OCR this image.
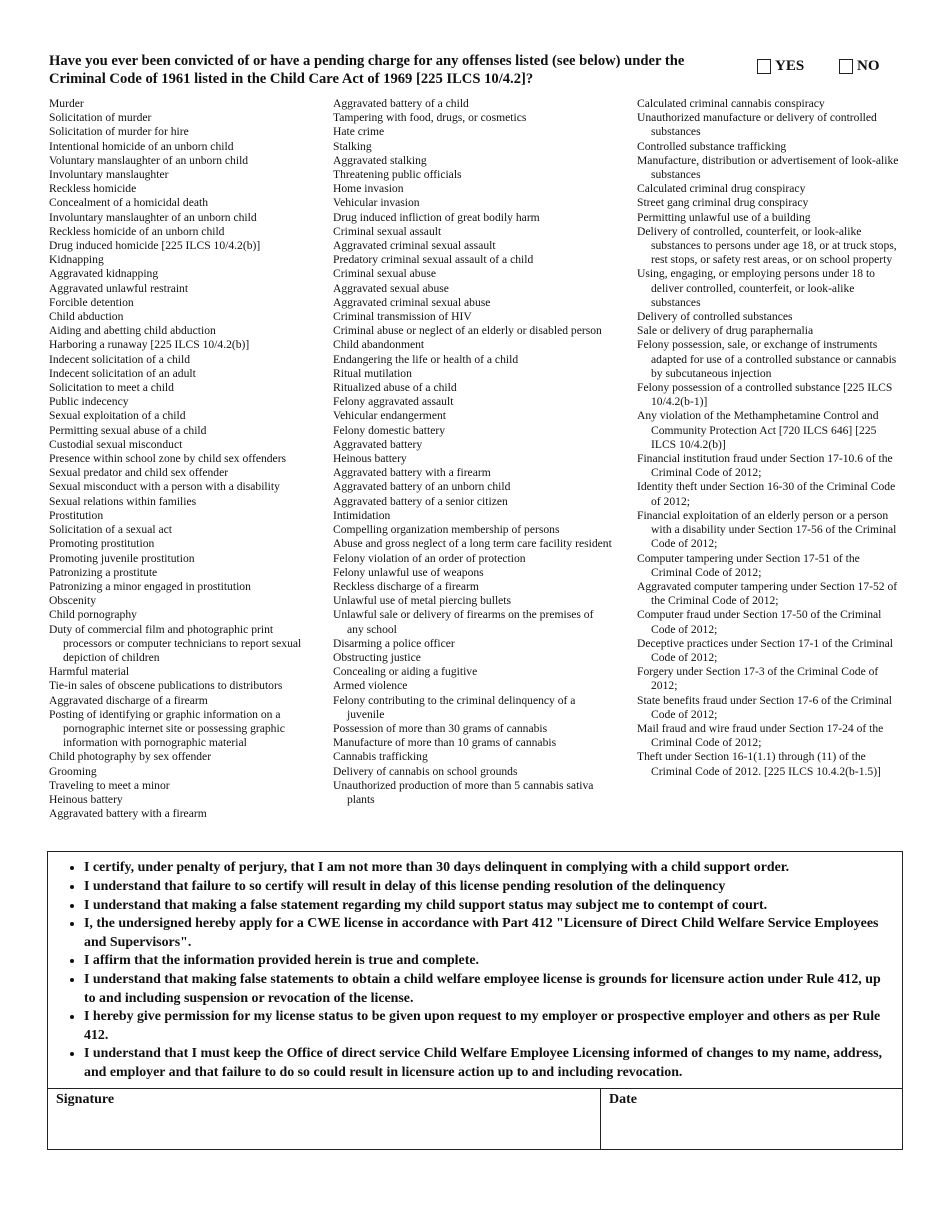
Have you ever been convicted of or have a pending charge for any offenses listed (see below) under the
Criminal Code of 1961 listed in the Child Care Act of 1969 [225 ILCS 10/4.2]?
YES	NO
Murder
Solicitation of murder
Solicitation of murder for hire
Intentional homicide of an unborn child
Voluntary manslaughter of an unborn child
Involuntary manslaughter
Reckless homicide
Concealment of a homicidal death
Involuntary manslaughter of an unborn child
Reckless homicide of an unborn child
Drug induced homicide [225 ILCS 10/4.2(b)]
Kidnapping
Aggravated kidnapping
Aggravated unlawful restraint
Forcible detention
Child abduction
Aiding and abetting child abduction
Harboring a runaway [225 ILCS 10/4.2(b)]
Indecent solicitation of a child
Indecent solicitation of an adult
Solicitation to meet a child
Public indecency
Sexual exploitation of a child
Permitting sexual abuse of a child
Custodial sexual misconduct
Presence within school zone by child sex offenders
Sexual predator and child sex offender
Sexual misconduct with a person with a disability
Sexual relations within families
Prostitution
Solicitation of a sexual act
Promoting prostitution
Promoting juvenile prostitution
Patronizing a prostitute
Patronizing a minor engaged in prostitution
Obscenity
Child pornography
Duty of commercial film and photographic print processors or computer technicians to report sexual depiction of children
Harmful material
Tie-in sales of obscene publications to distributors
Aggravated discharge of a firearm
Posting of identifying or graphic information on a pornographic internet site or possessing graphic information with pornographic material
Child photography by sex offender
Grooming
Traveling to meet a minor
Heinous battery
Aggravated battery with a firearm
Aggravated battery of a child
Tampering with food, drugs, or cosmetics
Hate crime
Stalking
Aggravated stalking
Threatening public officials
Home invasion
Vehicular invasion
Drug induced infliction of great bodily harm
Criminal sexual assault
Aggravated criminal sexual assault
Predatory criminal sexual assault of a child
Criminal sexual abuse
Aggravated sexual abuse
Aggravated criminal sexual abuse
Criminal transmission of HIV
Criminal abuse or neglect of an elderly or disabled person
Child abandonment
Endangering the life or health of a child
Ritual mutilation
Ritualized abuse of a child
Felony aggravated assault
Vehicular endangerment
Felony domestic battery
Aggravated battery
Heinous battery
Aggravated battery with a firearm
Aggravated battery of an unborn child
Aggravated battery of a senior citizen
Intimidation
Compelling organization membership of persons
Abuse and gross neglect of a long term care facility resident
Felony violation of an order of protection
Felony unlawful use of weapons
Reckless discharge of a firearm
Unlawful use of metal piercing bullets
Unlawful sale or delivery of firearms on the premises of any school
Disarming a police officer
Obstructing justice
Concealing or aiding a fugitive
Armed violence
Felony contributing to the criminal delinquency of a juvenile
Possession of more than 30 grams of cannabis
Manufacture of more than 10 grams of cannabis
Cannabis trafficking
Delivery of cannabis on school grounds
Unauthorized production of more than 5 cannabis sativa plants
Calculated criminal cannabis conspiracy
Unauthorized manufacture or delivery of controlled substances
Controlled substance trafficking
Manufacture, distribution or advertisement of look-alike substances
Calculated criminal drug conspiracy
Street gang criminal drug conspiracy
Permitting unlawful use of a building
Delivery of controlled, counterfeit, or look-alike substances to persons under age 18, or at truck stops, rest stops, or safety rest areas, or on school property
Using, engaging, or employing persons under 18 to deliver controlled, counterfeit, or look-alike substances
Delivery of controlled substances
Sale or delivery of drug paraphernalia
Felony possession, sale, or exchange of instruments adapted for use of a controlled substance or cannabis by subcutaneous injection
Felony possession of a controlled substance [225 ILCS 10/4.2(b-1)]
Any violation of the Methamphetamine Control and Community Protection Act [720 ILCS 646] [225 ILCS 10/4.2(b)]
Financial institution fraud under Section 17-10.6 of the Criminal Code of 2012;
Identity theft under Section 16-30 of the Criminal Code of 2012;
Financial exploitation of an elderly person or a person with a disability under Section 17-56 of the Criminal Code of 2012;
Computer tampering under Section 17-51 of the Criminal Code of 2012;
Aggravated computer tampering under Section 17-52 of the Criminal Code of 2012;
Computer fraud under Section 17-50 of the Criminal Code of 2012;
Deceptive practices under Section 17-1 of the Criminal Code of 2012;
Forgery under Section 17-3 of the Criminal Code of 2012;
State benefits fraud under Section 17-6 of the Criminal Code of 2012;
Mail fraud and wire fraud under Section 17-24 of the Criminal Code of 2012;
Theft under Section 16-1(1.1) through (11) of the Criminal Code of 2012. [225 ILCS 10.4.2(b-1.5)]
• I certify, under penalty of perjury, that I am not more than 30 days delinquent in complying with a child support order.
• I understand that failure to so certify will result in delay of this license pending resolution of the delinquency
• I understand that making a false statement regarding my child support status may subject me to contempt of court.
• I, the undersigned hereby apply for a CWE license in accordance with Part 412 "Licensure of Direct Child Welfare Service Employees and Supervisors".
• I affirm that the information provided herein is true and complete.
• I understand that making false statements to obtain a child welfare employee license is grounds for licensure action under Rule 412, up to and including suspension or revocation of the license.
• I hereby give permission for my license status to be given upon request to my employer or prospective employer and others as per Rule 412.
• I understand that I must keep the Office of direct service Child Welfare Employee Licensing informed of changes to my name, address, and employer and that failure to do so could result in licensure action up to and including revocation.
Signature	Date
